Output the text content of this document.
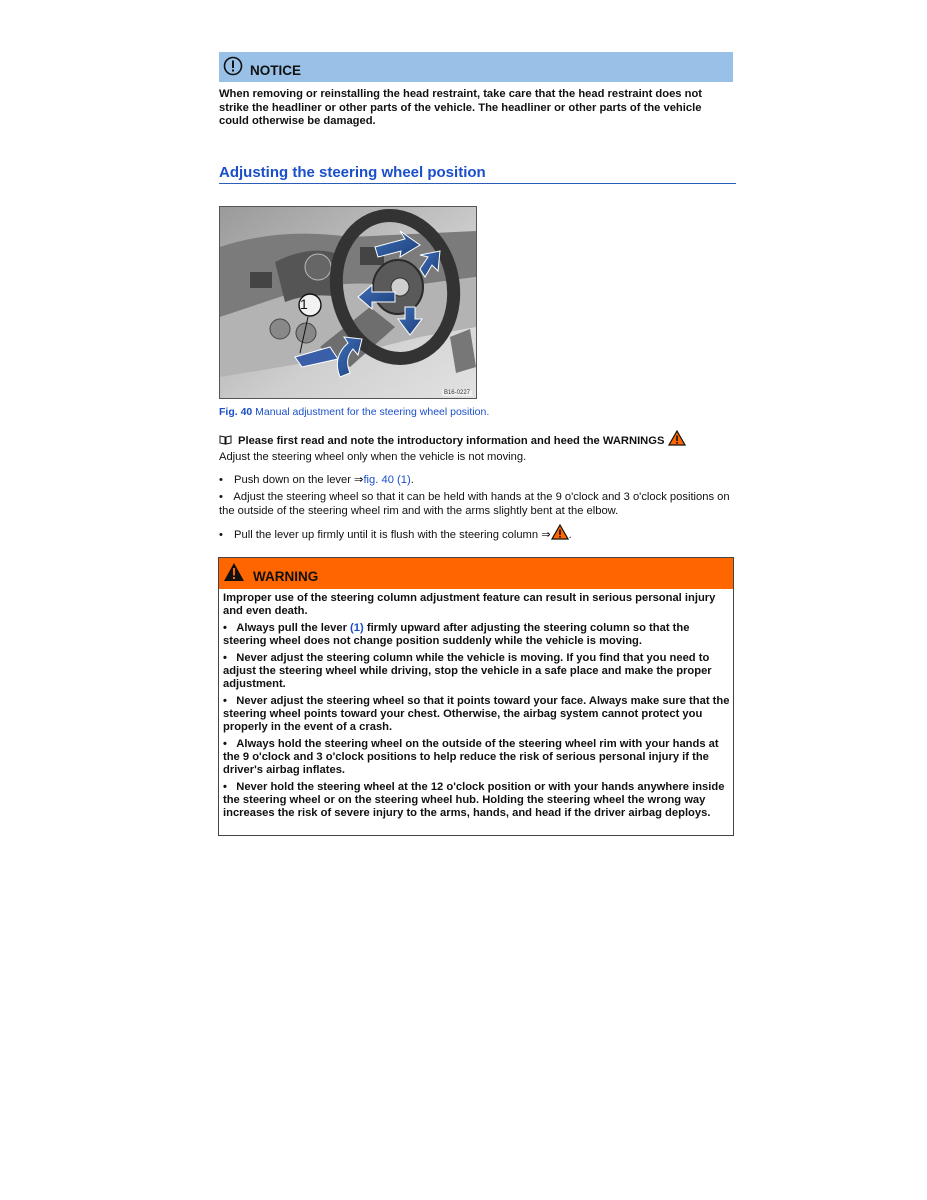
NOTICE
When removing or reinstalling the head restraint, take care that the head restraint does not strike the headliner or other parts of the vehicle. The headliner or other parts of the vehicle could otherwise be damaged.
Adjusting the steering wheel position
1
B16-0227
Fig. 40 Manual adjustment for the steering wheel position.
Please first read and note the introductory information and heed the WARNINGS
Adjust the steering wheel only when the vehicle is not moving.
• Push down on the lever ⇒fig. 40 (1).
• Adjust the steering wheel so that it can be held with hands at the 9 o'clock and 3 o'clock positions on the outside of the steering wheel rim and with the arms slightly bent at the elbow.
• Pull the lever up firmly until it is flush with the steering column ⇒ .
WARNING
Improper use of the steering column adjustment feature can result in serious personal injury and even death.
•   Always pull the lever (1) firmly upward after adjusting the steering column so that the steering wheel does not change position suddenly while the vehicle is moving.
•   Never adjust the steering column while the vehicle is moving. If you find that you need to adjust the steering wheel while driving, stop the vehicle in a safe place and make the proper adjustment.
•   Never adjust the steering wheel so that it points toward your face. Always make sure that the steering wheel points toward your chest. Otherwise, the airbag system cannot protect you properly in the event of a crash.
•   Always hold the steering wheel on the outside of the steering wheel rim with your hands at the 9 o'clock and 3 o'clock positions to help reduce the risk of serious personal injury if the driver's airbag inflates.
•   Never hold the steering wheel at the 12 o'clock position or with your hands anywhere inside the steering wheel or on the steering wheel hub. Holding the steering wheel the wrong way increases the risk of severe injury to the arms, hands, and head if the driver airbag deploys.
